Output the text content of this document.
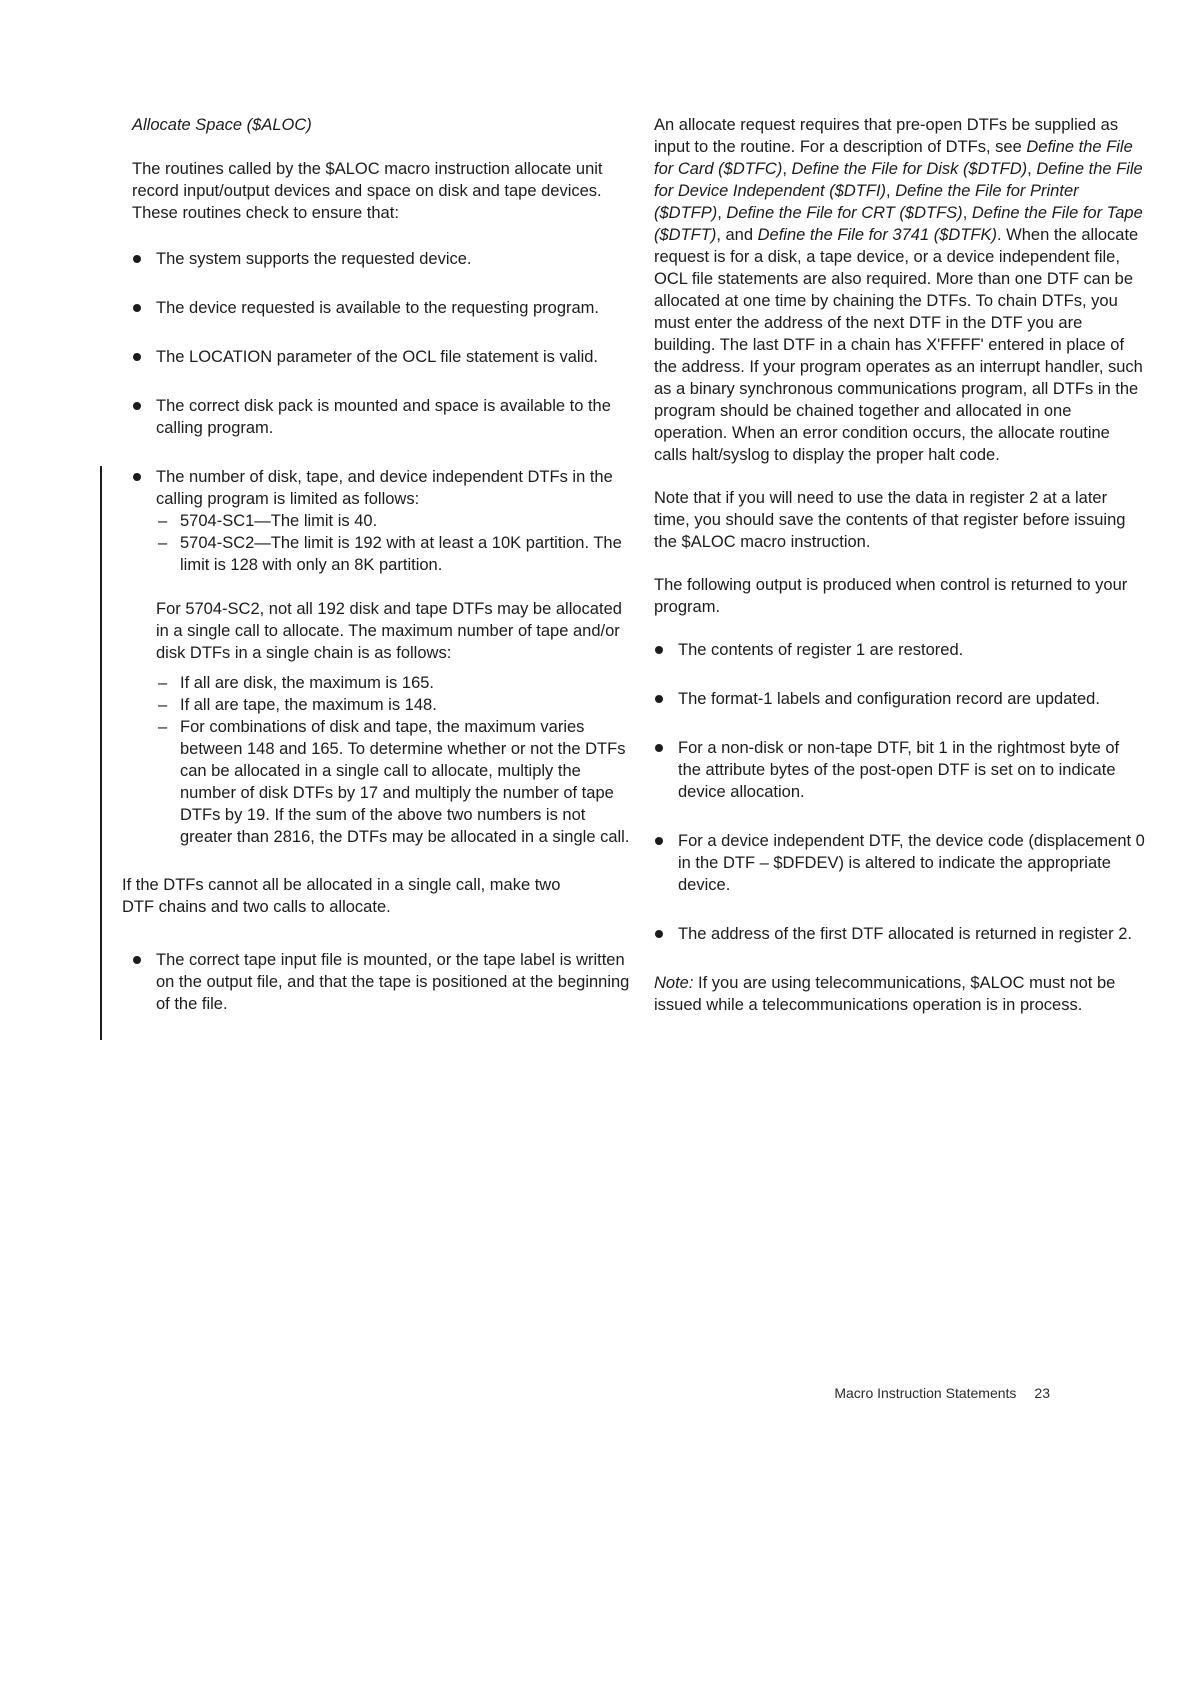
Allocate Space ($ALOC)

The routines called by the $ALOC macro instruction allocate unit record input/output devices and space on disk and tape devices. These routines check to ensure that:

The system supports the requested device.
The device requested is available to the requesting program.
The LOCATION parameter of the OCL file statement is valid.
The correct disk pack is mounted and space is available to the calling program.

The number of disk, tape, and device independent DTFs in the calling program is limited as follows:

– 5704-SC1—The limit is 40.
– 5704-SC2—The limit is 192 with at least a 10K partition. The limit is 128 with only an 8K partition.

For 5704-SC2, not all 192 disk and tape DTFs may be allocated in a single call to allocate. The maximum number of tape and/or disk DTFs in a single chain is as follows:

– If all are disk, the maximum is 165.
– If all are tape, the maximum is 148.
– For combinations of disk and tape, the maximum varies between 148 and 165. To determine whether or not the DTFs can be allocated in a single call to allocate, multiply the number of disk DTFs by 17 and multiply the number of tape DTFs by 19. If the sum of the above two numbers is not greater than 2816, the DTFs may be allocated in a single call.

If the DTFs cannot all be allocated in a single call, make two DTF chains and two calls to allocate.

The correct tape input file is mounted, or the tape label is written on the output file, and that the tape is positioned at the beginning of the file.

An allocate request requires that pre-open DTFs be supplied as input to the routine. For a description of DTFs, see Define the File for Card ($DTFC), Define the File for Disk ($DTFD), Define the File for Device Independent ($DTFI), Define the File for Printer ($DTFP), Define the File for CRT ($DTFS), Define the File for Tape ($DTFT), and Define the File for 3741 ($DTFK). When the allocate request is for a disk, a tape device, or a device independent file, OCL file statements are also required. More than one DTF can be allocated at one time by chaining the DTFs. To chain DTFs, you must enter the address of the next DTF in the DTF you are building. The last DTF in a chain has X'FFFF' entered in place of the address. If your program operates as an interrupt handler, such as a binary synchronous communications program, all DTFs in the program should be chained together and allocated in one operation. When an error condition occurs, the allocate routine calls halt/syslog to display the proper halt code.

Note that if you will need to use the data in register 2 at a later time, you should save the contents of that register before issuing the $ALOC macro instruction.

The following output is produced when control is returned to your program.

The contents of register 1 are restored.
The format-1 labels and configuration record are updated.
For a non-disk or non-tape DTF, bit 1 in the rightmost byte of the attribute bytes of the post-open DTF is set on to indicate device allocation.
For a device independent DTF, the device code (displacement 0 in the DTF – $DFDEV) is altered to indicate the appropriate device.
The address of the first DTF allocated is returned in register 2.

Note: If you are using telecommunications, $ALOC must not be issued while a telecommunications operation is in process.

Macro Instruction Statements 23
